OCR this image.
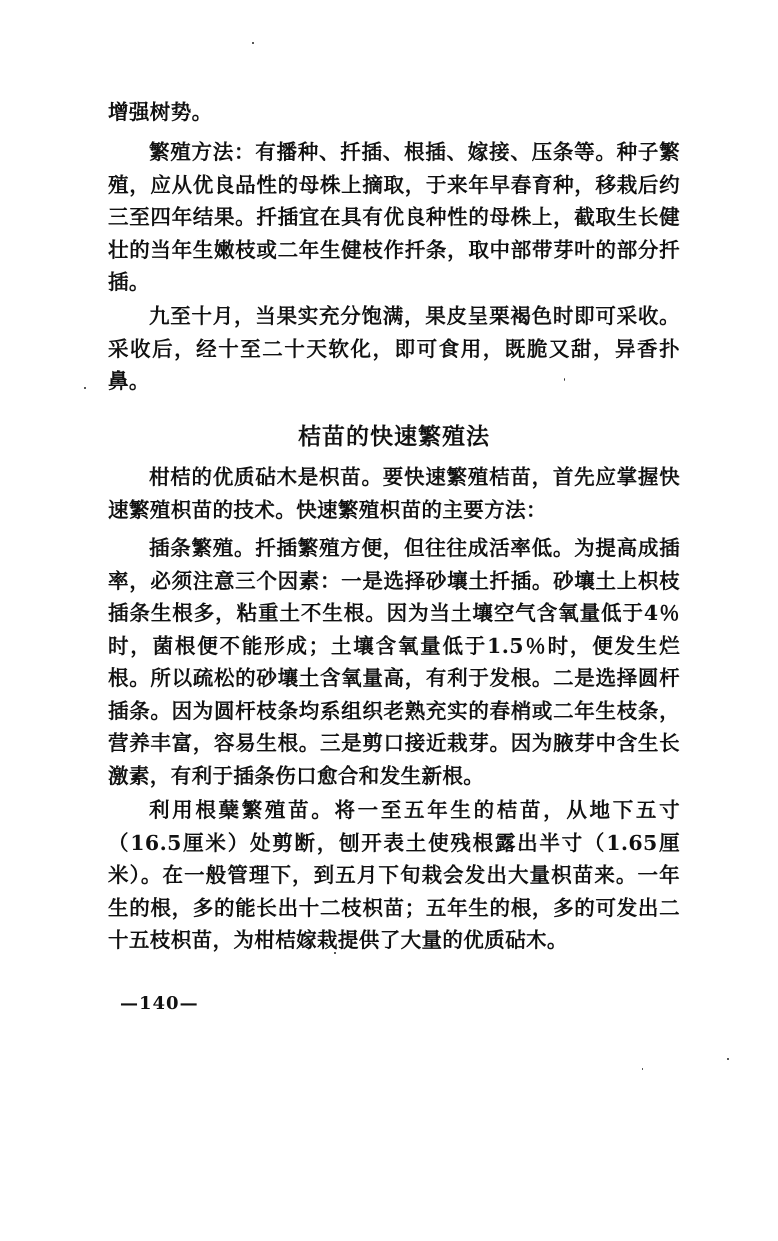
增强树势。

繁殖方法：有播种、扦插、根插、嫁接、压条等。种子繁殖，应从优良品性的母株上摘取，于来年早春育种，移栽后约三至四年结果。扦插宜在具有优良种性的母株上，截取生长健壮的当年生嫩枝或二年生健枝作扦条，取中部带芽叶的部分扦插。

九至十月，当果实充分饱满，果皮呈栗褐色时即可采收。采收后，经十至二十天软化，即可食用，既脆又甜，异香扑鼻。

桔苗的快速繁殖法

柑桔的优质砧木是枳苗。要快速繁殖桔苗，首先应掌握快速繁殖枳苗的技术。快速繁殖枳苗的主要方法：

插条繁殖。扦插繁殖方便，但往往成活率低。为提高成插率，必须注意三个因素：一是选择砂壤土扦插。砂壤土上枳枝插条生根多，粘重土不生根。因为当土壤空气含氧量低于4％时，菌根便不能形成；土壤含氧量低于1.5％时，便发生烂根。所以疏松的砂壤土含氧量高，有利于发根。二是选择圆杆插条。因为圆杆枝条均系组织老熟充实的春梢或二年生枝条，营养丰富，容易生根。三是剪口接近栽芽。因为腋芽中含生长激素，有利于插条伤口愈合和发生新根。

利用根蘖繁殖苗。将一至五年生的桔苗，从地下五寸（16.5厘米）处剪断，刨开表土使残根露出半寸（1.65厘米）。在一般管理下，到五月下旬栽会发出大量枳苗来。一年生的根，多的能长出十二枝枳苗；五年生的根，多的可发出二十五枝枳苗，为柑桔嫁栽提供了大量的优质砧木。

—140—
